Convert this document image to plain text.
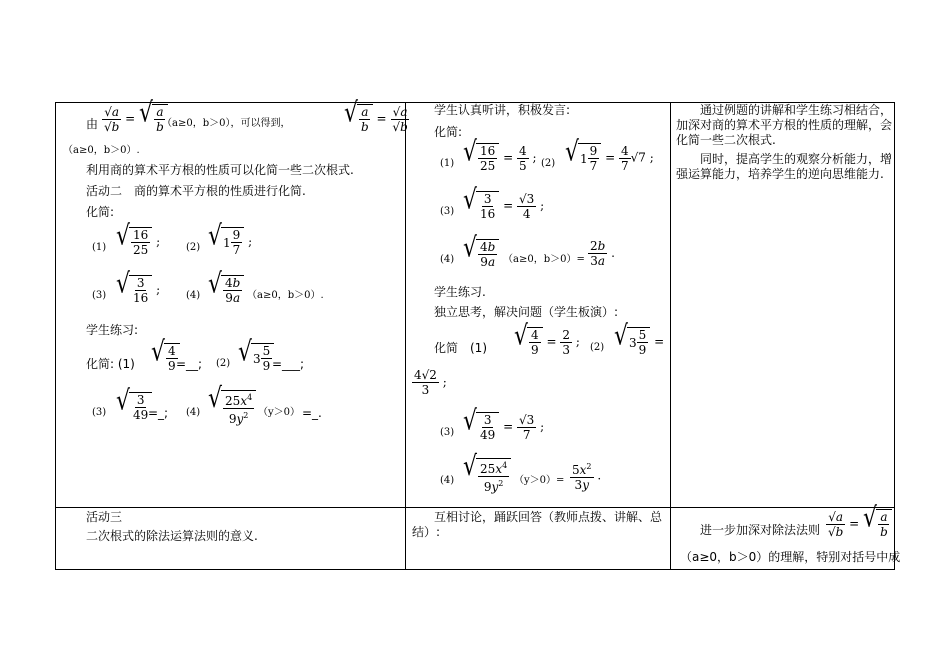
由 $\frac{√a}{√b}$ = √ $\frac{a}{b}$
（a≥0，b＞0），可以得到， √ $\frac{a}{b} = \frac{√a}{√b}$
（a≥0，b＞0）.
利用商的算术平方根的性质可以化简一些二次根式.
活动二　商的算术平方根的性质进行化简.
化简:
(1) √ $\frac{16}{25}$ ;	(2) √ $1 \frac{9}{7}$ ;
(3) √ $\frac{3}{16}$ ;	(4) √ $\frac{4b}{9a} (a\ge 0$，b＞0）.
学生练习:
化简: (1) √ $\frac{4}{9}$
=__; (2) √ $3 \frac{5}{9}$ =___;
(3) √ $\frac{3}{49}$
=_; (4) √ $\frac{25x^4}{9y^2} (y>0)$ =_.
学生认真听讲，积极发言:
化简:
(1) √ $\frac{16}{25} = \frac{4}{5}$ ; (2) √ $1 \frac{9}{7} = \frac{4}{7} √7$ ;
(3) √ $\frac{3}{16} = \frac{√3}{4}$ ;
(4) √ $\frac{4b}{9a} (a\ge 0$，$b>0)= \frac{2b}{3a}$ .
学生练习.
独立思考，解决问题（学生板演）:
化简　(1) √ $\frac{4}{9} = \frac{2}{3}$ ; (2) √ $3 \frac{5}{9}$ =
$\frac{4√2}{3}$ ;
(3) √ $\frac{3}{49} = \frac{√3}{7}$ ;
(4) √ $\frac{25x^4}{9y^2} (y>0)= \frac{5x^2}{3y}$ .
互相讨论，踊跃回答（教师点拨、讲解、总
结）:
通过例题的讲解和学生练习相结合，
加深对商的算术平方根的性质的理解，会
化简一些二次根式.
同时，提高学生的观察分析能力，增
强运算能力，培养学生的逆向思维能力.
进一步加深对除法法则 $\frac{√a}{√b}$ = √ $\frac{a}{b}$
（a≥0，b＞0）的理解，特别对括号中成
活动三
二次根式的除法运算法则的意义.
